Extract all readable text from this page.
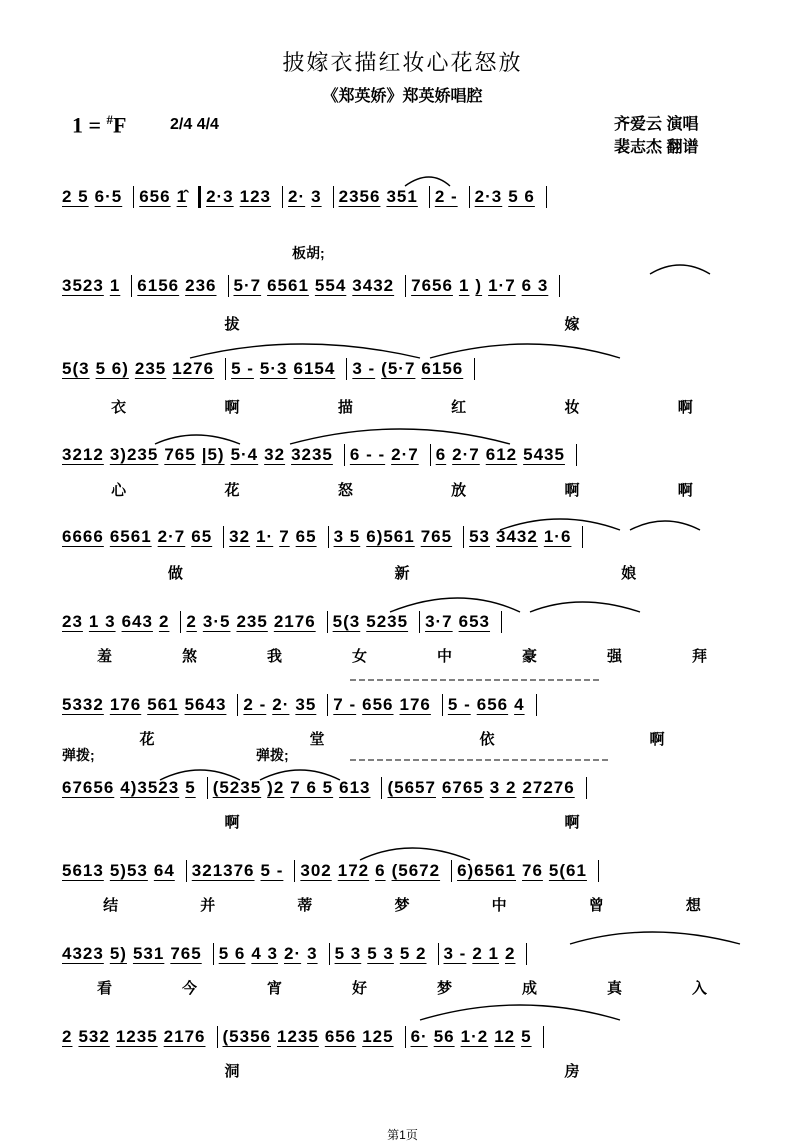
披嫁衣描红妆心花怒放
《郑英娇》郑英娇唱腔
1 = #F	2/4 4/4	齐爱云 演唱
裴志杰 翻谱
2 5 6·5 656 1̂ 2·3 123 2· 3 2356 351 2 - 2·3 5 6
3523 1 6156 236 5·7 6561 554 3432 7656 1 ) 1·7 6 3
5(3 5 6) 235 1276 5 - 5·3 6154 3 - (5·7 6156
3212 3)235 765 |5) 5·4 32 3235 6 - - 2·7 6 2·7 612 5435
6666 6561 2·7 65 32 1· 7 65 3 5 6)561 765 53 3432 1·6
23 1 3 643 2 2 3·5 235 2176 5(3 5235 3·7 653
5332 176 561 5643 2 - 2· 35 7 - 656 176 5 - 656 4
67656 4)3523 5 (5235 )2 7 6 5 613 (5657 6765 3 2 27276
5613 5)53 64 321376 5 - 302 172 6 (5672 6)6561 76 5(61
4323 5) 531 765 5 6 4 3 2· 3 5 3 5 3 5 2 3 - 2 1 2
2 532 1235 2176 (5356 1235 656 125 6· 56 1·2 12 5
拔	嫁
衣	啊	描	红	妆	啊
心	花	怒	放	啊	啊
做	新	娘
羞	煞	我	女	中	豪	强	拜
花	堂	依	啊
啊	啊
结	并	蒂	梦	中	曾	想
看	今	宵	好	梦	成	真	入
洞	房
板胡;
弹拨;	弹拨;
第1页
